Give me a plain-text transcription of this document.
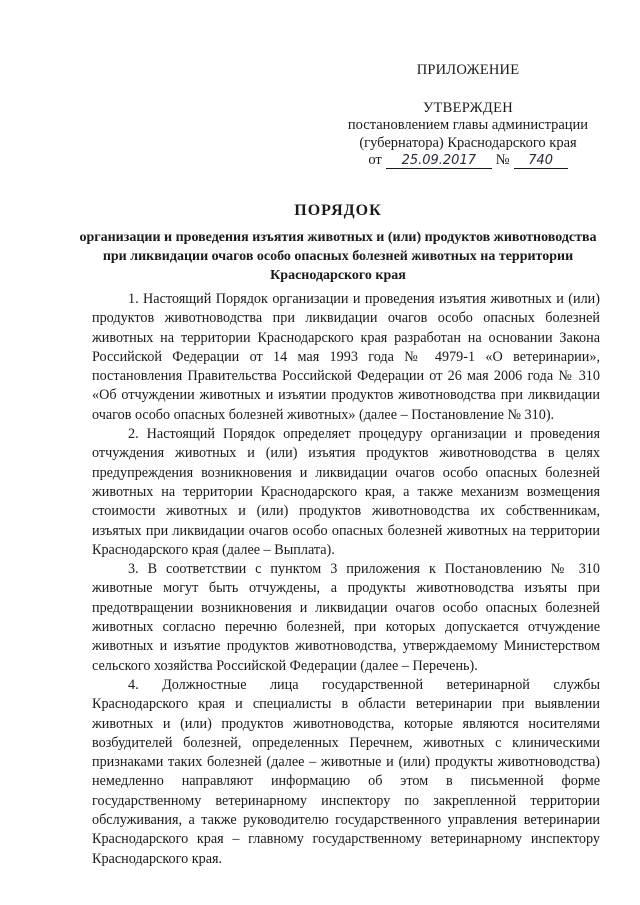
ПРИЛОЖЕНИЕ
УТВЕРЖДЕН
постановлением главы администрации
(губернатора) Краснодарского края
от	25.09.2017	№	740
ПОРЯДОК
организации и проведения изъятия животных и (или) продуктов животноводства при ликвидации очагов особо опасных болезней животных на территории Краснодарского края

1. Настоящий Порядок организации и проведения изъятия животных и (или) продуктов животноводства при ликвидации очагов особо опасных болезней животных на территории Краснодарского края разработан на основании Закона Российской Федерации от 14 мая 1993 года № 4979-1 «О ветеринарии», постановления Правительства Российской Федерации от 26 мая 2006 года № 310 «Об отчуждении животных и изъятии продуктов животноводства при ликвидации очагов особо опасных болезней животных» (далее – Постановление № 310).

2. Настоящий Порядок определяет процедуру организации и проведения отчуждения животных и (или) изъятия продуктов животноводства в целях предупреждения возникновения и ликвидации очагов особо опасных болезней животных на территории Краснодарского края, а также механизм возмещения стоимости животных и (или) продуктов животноводства их собственникам, изъятых при ликвидации очагов особо опасных болезней животных на территории Краснодарского края (далее – Выплата).

3. В соответствии с пунктом 3 приложения к Постановлению № 310 животные могут быть отчуждены, а продукты животноводства изъяты при предотвращении возникновения и ликвидации очагов особо опасных болезней животных согласно перечню болезней, при которых допускается отчуждение животных и изъятие продуктов животноводства, утверждаемому Министерством сельского хозяйства Российской Федерации (далее – Перечень).

4. Должностные лица государственной ветеринарной службы Краснодарского края и специалисты в области ветеринарии при выявлении животных и (или) продуктов животноводства, которые являются носителями возбудителей болезней, определенных Перечнем, животных с клиническими признаками таких болезней (далее – животные и (или) продукты животноводства) немедленно направляют информацию об этом в письменной форме государственному ветеринарному инспектору по закрепленной территории обслуживания, а также руководителю государственного управления ветеринарии Краснодарского края – главному государственному ветеринарному инспектору Краснодарского края.
